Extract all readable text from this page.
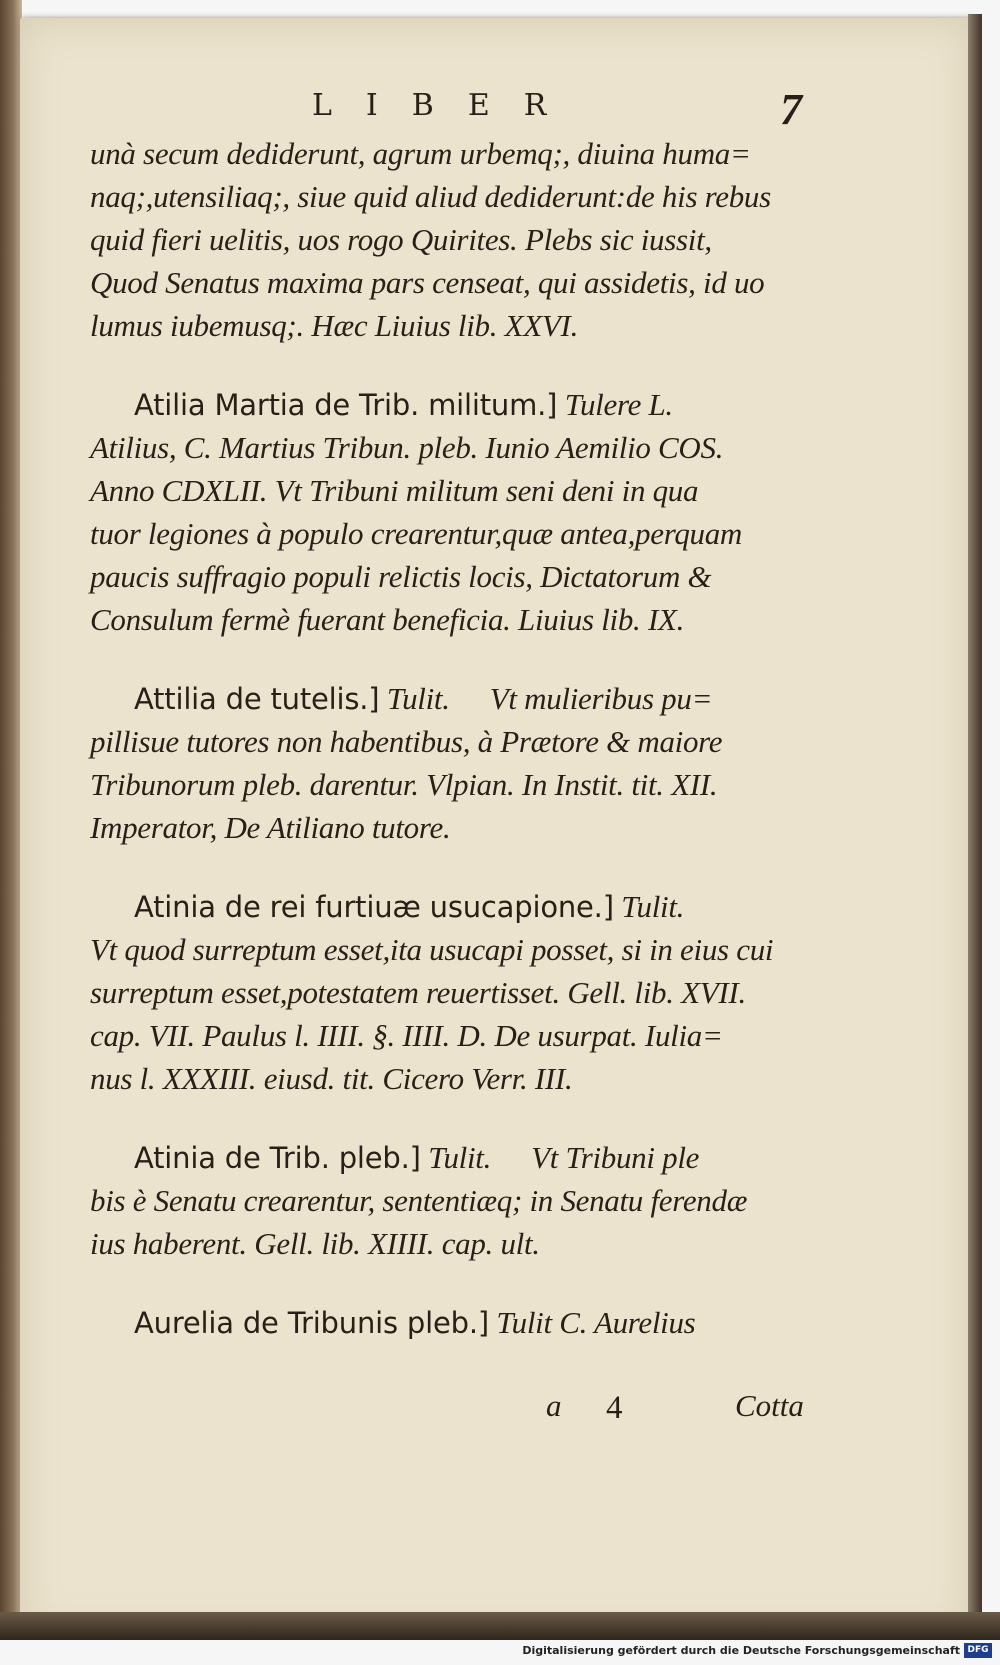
LIBER	7
unà secum dediderunt, agrum urbemq;, diuina huma=
naq;,utensiliaq;, siue quid aliud dediderunt:de his rebus
quid fieri uelitis, uos rogo Quirites. Plebs sic iussit,
Quod Senatus maxima pars censeat, qui assidetis, id uo
lumus iubemusq;. Hæc Liuius lib. XXVI.
Atilia Martia de Trib. militum.] Tulere L.
Atilius, C. Martius Tribun. pleb. Iunio Aemilio COS.
Anno CDXLII. Vt Tribuni militum seni deni in qua
tuor legiones à populo crearentur,quæ antea,perquam
paucis suffragio populi relictis locis, Dictatorum &
Consulum fermè fuerant beneficia. Liuius lib. IX.
Attilia de tutelis.] Tulit. Vt mulieribus pu=
pillisue tutores non habentibus, à Prætore & maiore
Tribunorum pleb. darentur. Vlpian. In Instit. tit. XII.
Imperator, De Atiliano tutore.
Atinia de rei furtiuæ usucapione.] Tulit.
Vt quod surreptum esset,ita usucapi posset, si in eius cui
surreptum esset,potestatem reuertisset. Gell. lib. XVII.
cap. VII. Paulus l. IIII. §. IIII. D. De usurpat. Iulia=
nus l. XXXIII. eiusd. tit. Cicero Verr. III.
Atinia de Trib. pleb.] Tulit. Vt Tribuni ple
bis è Senatu crearentur, sententiæq; in Senatu ferendæ
ius haberent. Gell. lib. XIIII. cap. ult.
Aurelia de Tribunis pleb.] Tulit C. Aurelius
a 4	Cotta
Digitalisierung gefördert durch die Deutsche Forschungsgemeinschaft DFG
